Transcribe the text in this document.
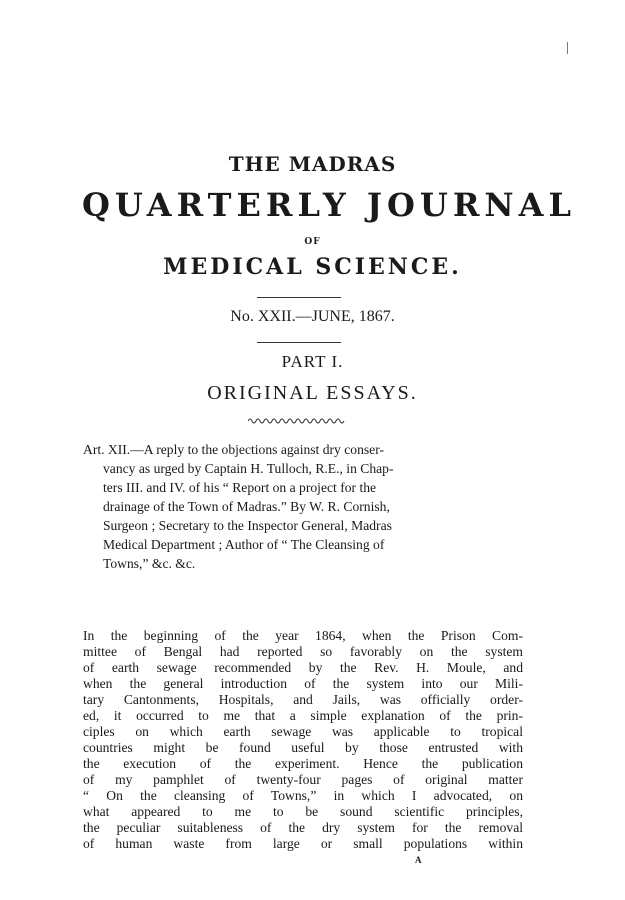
THE MADRAS
QUARTERLY JOURNAL
OF
MEDICAL SCIENCE.
No. XXII.—JUNE, 1867.
PART I.
ORIGINAL ESSAYS.
Art. XII.—A reply to the objections against dry conser-
vancy as urged by Captain H. Tulloch, R.E., in Chap-
ters III. and IV. of his “ Report on a project for the
drainage of the Town of Madras.” By W. R. Cornish,
Surgeon ; Secretary to the Inspector General, Madras
Medical Department ; Author of “ The Cleansing of
Towns,” &c. &c.
In the beginning of the year 1864, when the Prison Com-
mittee of Bengal had reported so favorably on the system
of earth sewage recommended by the Rev. H. Moule, and
when the general introduction of the system into our Mili-
tary Cantonments, Hospitals, and Jails, was officially order-
ed, it occurred to me that a simple explanation of the prin-
ciples on which earth sewage was applicable to tropical
countries might be found useful by those entrusted with
the execution of the experiment. Hence the publication
of my pamphlet of twenty-four pages of original matter
“ On the cleansing of Towns,” in which I advocated, on
what appeared to me to be sound scientific principles,
the peculiar suitableness of the dry system for the removal
of human waste from large or small populations within
A
